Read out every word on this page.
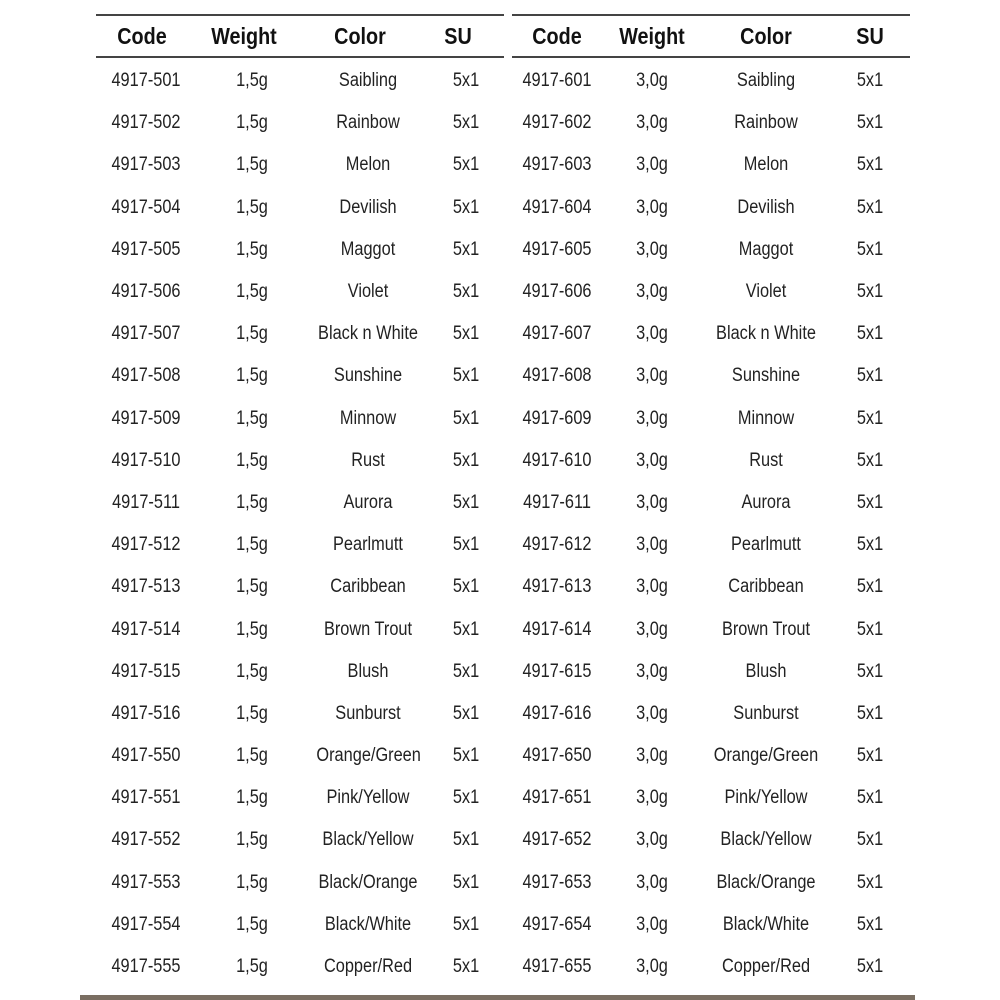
Code	Weight	Color	SU
4917-501	1,5g	Saibling	5x1
4917-502	1,5g	Rainbow	5x1
4917-503	1,5g	Melon	5x1
4917-504	1,5g	Devilish	5x1
4917-505	1,5g	Maggot	5x1
4917-506	1,5g	Violet	5x1
4917-507	1,5g	Black n White	5x1
4917-508	1,5g	Sunshine	5x1
4917-509	1,5g	Minnow	5x1
4917-510	1,5g	Rust	5x1
4917-511	1,5g	Aurora	5x1
4917-512	1,5g	Pearlmutt	5x1
4917-513	1,5g	Caribbean	5x1
4917-514	1,5g	Brown Trout	5x1
4917-515	1,5g	Blush	5x1
4917-516	1,5g	Sunburst	5x1
4917-550	1,5g	Orange/Green	5x1
4917-551	1,5g	Pink/Yellow	5x1
4917-552	1,5g	Black/Yellow	5x1
4917-553	1,5g	Black/Orange	5x1
4917-554	1,5g	Black/White	5x1
4917-555	1,5g	Copper/Red	5x1
Code	Weight	Color	SU
4917-601	3,0g	Saibling	5x1
4917-602	3,0g	Rainbow	5x1
4917-603	3,0g	Melon	5x1
4917-604	3,0g	Devilish	5x1
4917-605	3,0g	Maggot	5x1
4917-606	3,0g	Violet	5x1
4917-607	3,0g	Black n White	5x1
4917-608	3,0g	Sunshine	5x1
4917-609	3,0g	Minnow	5x1
4917-610	3,0g	Rust	5x1
4917-611	3,0g	Aurora	5x1
4917-612	3,0g	Pearlmutt	5x1
4917-613	3,0g	Caribbean	5x1
4917-614	3,0g	Brown Trout	5x1
4917-615	3,0g	Blush	5x1
4917-616	3,0g	Sunburst	5x1
4917-650	3,0g	Orange/Green	5x1
4917-651	3,0g	Pink/Yellow	5x1
4917-652	3,0g	Black/Yellow	5x1
4917-653	3,0g	Black/Orange	5x1
4917-654	3,0g	Black/White	5x1
4917-655	3,0g	Copper/Red	5x1
